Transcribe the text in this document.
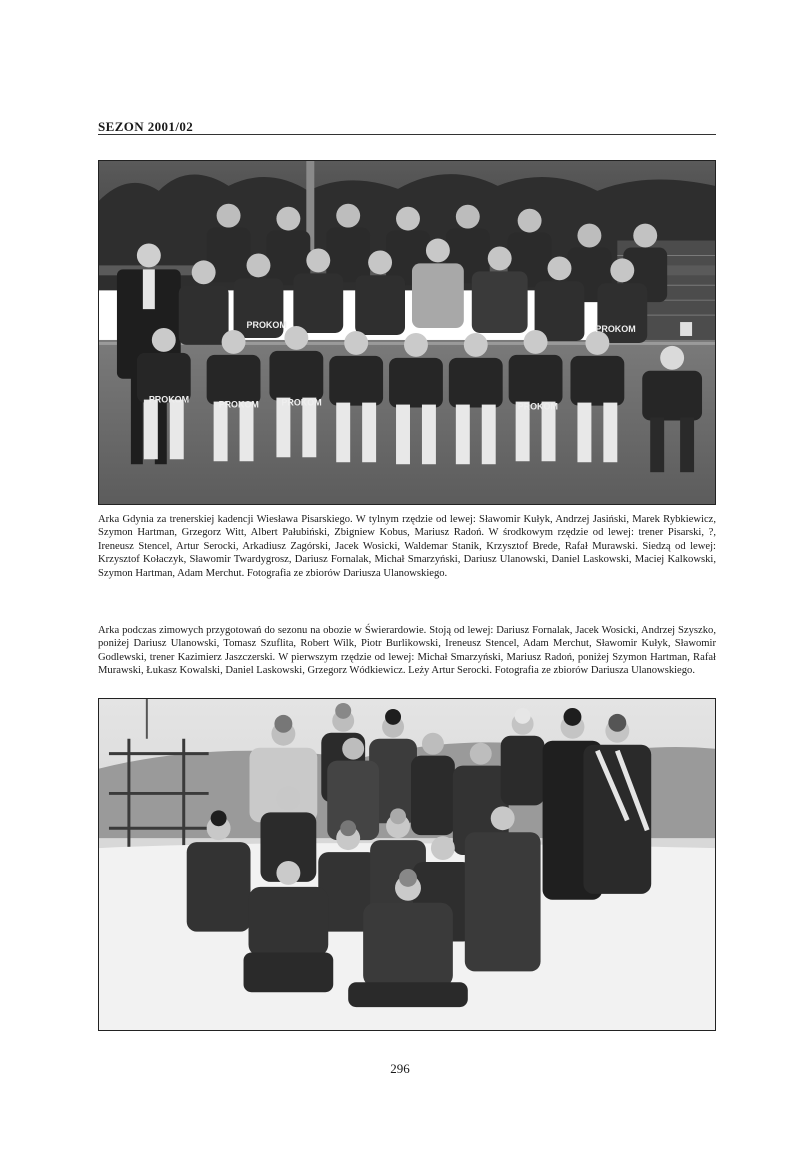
SEZON 2001/02
PROKOM	PROKOM	PROKOM	PROKOM
PROKOM
PROKOM

Arka Gdynia za trenerskiej kadencji Wiesława Pisarskiego. W tylnym rzędzie od lewej: Sławomir Kułyk, Andrzej Jasiński, Marek Rybkiewicz, Szymon Hartman, Grzegorz Witt, Albert Pałubiński, Zbigniew Kobus, Mariusz Radoń. W środkowym rzędzie od lewej: trener Pisarski, ?, Ireneusz Stencel, Artur Serocki, Arkadiusz Zagórski, Jacek Wosicki, Waldemar Stanik, Krzysztof Brede, Rafał Murawski. Siedzą od lewej: Krzysztof Kołaczyk, Sławomir Twardygrosz, Dariusz Fornalak, Michał Smarzyński, Dariusz Ulanowski, Daniel Laskowski, Maciej Kalkowski, Szymon Hartman, Adam Merchut. Fotografia ze zbiorów Dariusza Ulanowskiego.

Arka podczas zimowych przygotowań do sezonu na obozie w Świerardowie. Stoją od lewej: Dariusz Fornalak, Jacek Wosicki, Andrzej Szyszko, poniżej Dariusz Ulanowski, Tomasz Szuflita, Robert Wilk, Piotr Burlikowski, Ireneusz Stencel, Adam Merchut, Sławomir Kułyk, Sławomir Godlewski, trener Kazimierz Jaszczerski. W pierwszym rzędzie od lewej: Michał Smarzyński, Mariusz Radoń, poniżej Szymon Hartman, Rafał Murawski, Łukasz Kowalski, Daniel Laskowski, Grzegorz Wódkiewicz. Leży Artur Serocki. Fotografia ze zbiorów Dariusza Ulanowskiego.

296
